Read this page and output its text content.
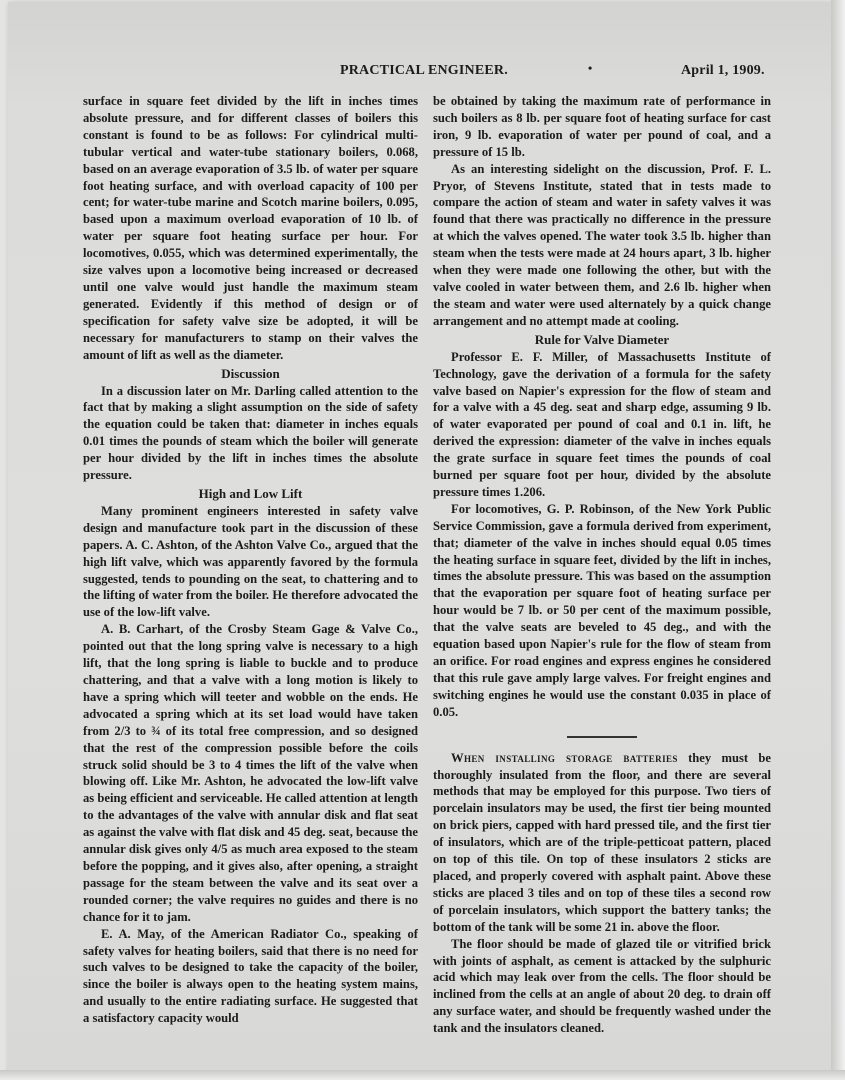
PRACTICAL ENGINEER.	•	April 1, 1909.

surface in square feet divided by the lift in inches times absolute pressure, and for different classes of boilers this constant is found to be as follows: For cylindrical multi-tubular vertical and water-tube stationary boilers, 0.068, based on an average evaporation of 3.5 lb. of water per square foot heating surface, and with overload capacity of 100 per cent; for water-tube marine and Scotch marine boilers, 0.095, based upon a maximum overload evaporation of 10 lb. of water per square foot heating surface per hour. For locomotives, 0.055, which was determined experimentally, the size valves upon a locomotive being increased or decreased until one valve would just handle the maximum steam generated. Evidently if this method of design or of specification for safety valve size be adopted, it will be necessary for manufacturers to stamp on their valves the amount of lift as well as the diameter.

Discussion

In a discussion later on Mr. Darling called attention to the fact that by making a slight assumption on the side of safety the equation could be taken that: diameter in inches equals 0.01 times the pounds of steam which the boiler will generate per hour divided by the lift in inches times the absolute pressure.

High and Low Lift

Many prominent engineers interested in safety valve design and manufacture took part in the discussion of these papers. A. C. Ashton, of the Ashton Valve Co., argued that the high lift valve, which was apparently favored by the formula suggested, tends to pounding on the seat, to chattering and to the lifting of water from the boiler. He therefore advocated the use of the low-lift valve.

A. B. Carhart, of the Crosby Steam Gage & Valve Co., pointed out that the long spring valve is necessary to a high lift, that the long spring is liable to buckle and to produce chattering, and that a valve with a long motion is likely to have a spring which will teeter and wobble on the ends. He advocated a spring which at its set load would have taken from 2/3 to ¾ of its total free compression, and so designed that the rest of the compression possible before the coils struck solid should be 3 to 4 times the lift of the valve when blowing off. Like Mr. Ashton, he advocated the low-lift valve as being efficient and serviceable. He called attention at length to the advantages of the valve with annular disk and flat seat as against the valve with flat disk and 45 deg. seat, because the annular disk gives only 4/5 as much area exposed to the steam before the popping, and it gives also, after opening, a straight passage for the steam between the valve and its seat over a rounded corner; the valve requires no guides and there is no chance for it to jam.

E. A. May, of the American Radiator Co., speaking of safety valves for heating boilers, said that there is no need for such valves to be designed to take the capacity of the boiler, since the boiler is always open to the heating system mains, and usually to the entire radiating surface. He suggested that a satisfactory capacity would

be obtained by taking the maximum rate of performance in such boilers as 8 lb. per square foot of heating surface for cast iron, 9 lb. evaporation of water per pound of coal, and a pressure of 15 lb.

As an interesting sidelight on the discussion, Prof. F. L. Pryor, of Stevens Institute, stated that in tests made to compare the action of steam and water in safety valves it was found that there was practically no difference in the pressure at which the valves opened. The water took 3.5 lb. higher than steam when the tests were made at 24 hours apart, 3 lb. higher when they were made one following the other, but with the valve cooled in water between them, and 2.6 lb. higher when the steam and water were used alternately by a quick change arrangement and no attempt made at cooling.

Rule for Valve Diameter

Professor E. F. Miller, of Massachusetts Institute of Technology, gave the derivation of a formula for the safety valve based on Napier's expression for the flow of steam and for a valve with a 45 deg. seat and sharp edge, assuming 9 lb. of water evaporated per pound of coal and 0.1 in. lift, he derived the expression: diameter of the valve in inches equals the grate surface in square feet times the pounds of coal burned per square foot per hour, divided by the absolute pressure times 1.206.

For locomotives, G. P. Robinson, of the New York Public Service Commission, gave a formula derived from experiment, that; diameter of the valve in inches should equal 0.05 times the heating surface in square feet, divided by the lift in inches, times the absolute pressure. This was based on the assumption that the evaporation per square foot of heating surface per hour would be 7 lb. or 50 per cent of the maximum possible, that the valve seats are beveled to 45 deg., and with the equation based upon Napier's rule for the flow of steam from an orifice. For road engines and express engines he considered that this rule gave amply large valves. For freight engines and switching engines he would use the constant 0.035 in place of 0.05.

When installing storage batteries they must be thoroughly insulated from the floor, and there are several methods that may be employed for this purpose. Two tiers of porcelain insulators may be used, the first tier being mounted on brick piers, capped with hard pressed tile, and the first tier of insulators, which are of the triple-petticoat pattern, placed on top of this tile. On top of these insulators 2 sticks are placed, and properly covered with asphalt paint. Above these sticks are placed 3 tiles and on top of these tiles a second row of porcelain insulators, which support the battery tanks; the bottom of the tank will be some 21 in. above the floor.

The floor should be made of glazed tile or vitrified brick with joints of asphalt, as cement is attacked by the sulphuric acid which may leak over from the cells. The floor should be inclined from the cells at an angle of about 20 deg. to drain off any surface water, and should be frequently washed under the tank and the insulators cleaned.
